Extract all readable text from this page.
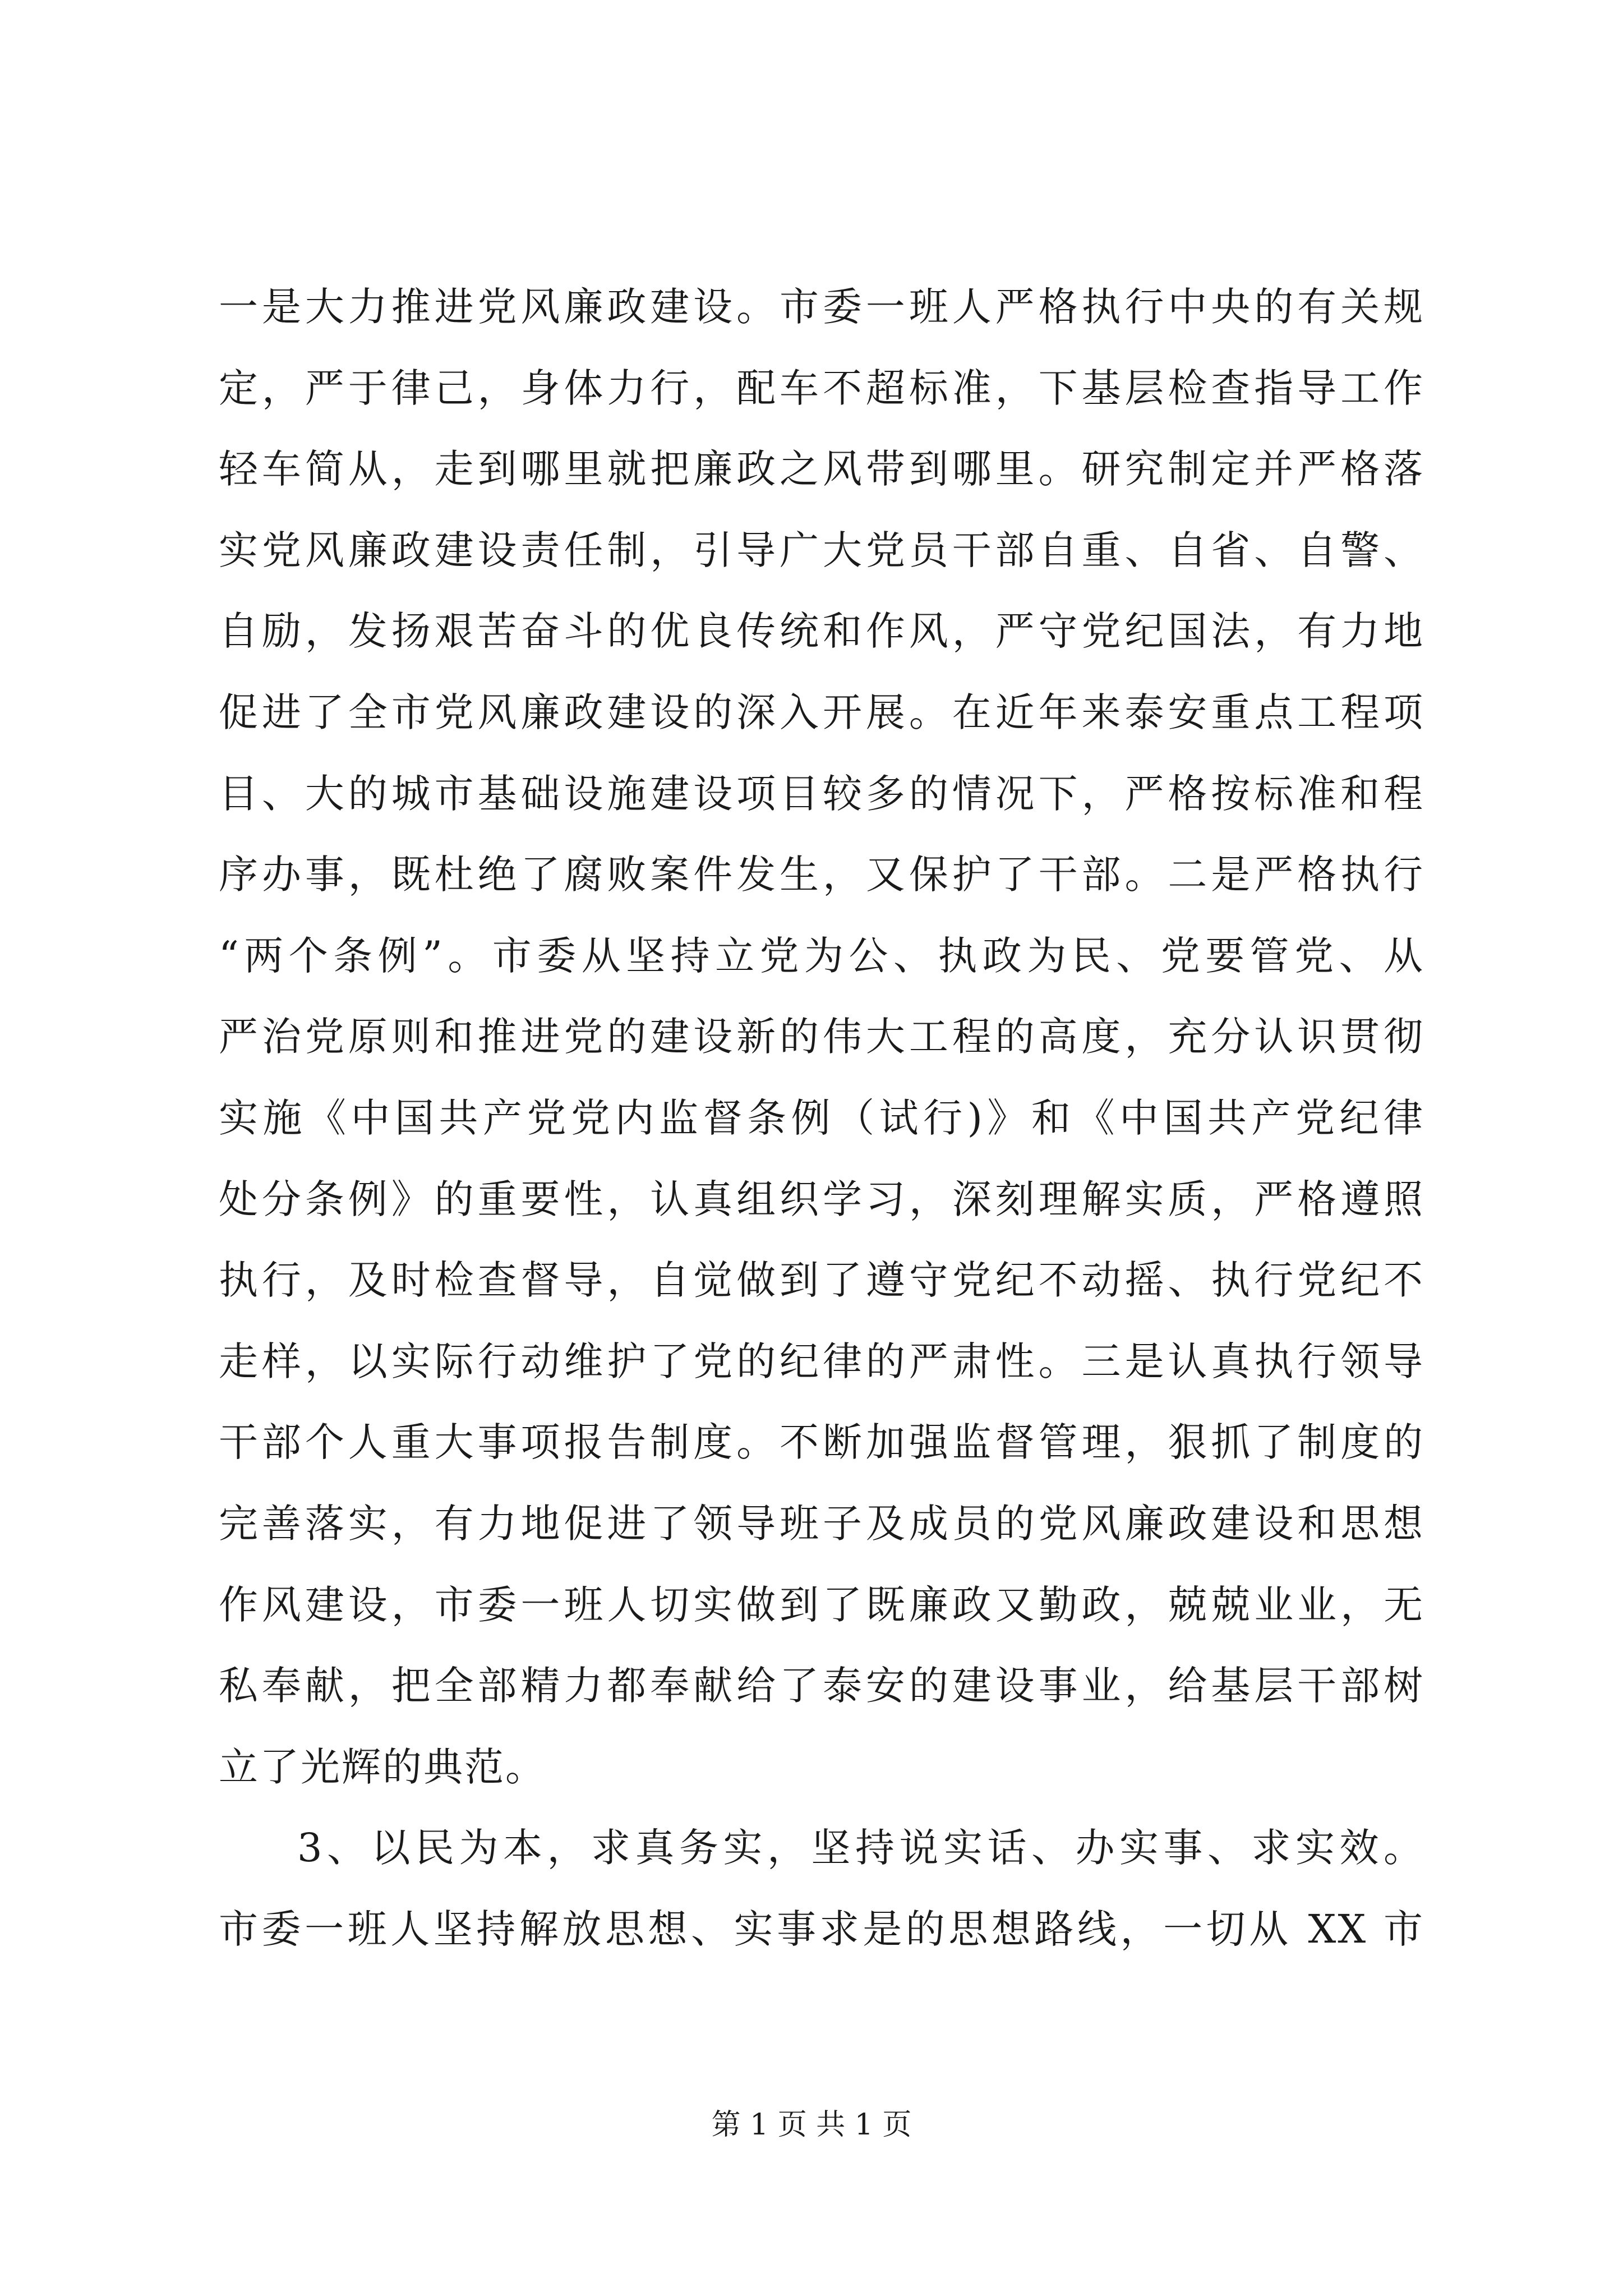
一是大力推进党风廉政建设。市委一班人严格执行中央的有关规
定，严于律己，身体力行，配车不超标准，下基层检查指导工作
轻车简从，走到哪里就把廉政之风带到哪里。研究制定并严格落
实党风廉政建设责任制，引导广大党员干部自重、自省、自警、
自励，发扬艰苦奋斗的优良传统和作风，严守党纪国法，有力地
促进了全市党风廉政建设的深入开展。在近年来泰安重点工程项
目、大的城市基础设施建设项目较多的情况下，严格按标准和程
序办事，既杜绝了腐败案件发生，又保护了干部。二是严格执行
“两个条例”。市委从坚持立党为公、执政为民、党要管党、从
严治党原则和推进党的建设新的伟大工程的高度，充分认识贯彻
实施《中国共产党党内监督条例（试行)》和《中国共产党纪律
处分条例》的重要性，认真组织学习，深刻理解实质，严格遵照
执行，及时检查督导，自觉做到了遵守党纪不动摇、执行党纪不
走样，以实际行动维护了党的纪律的严肃性。三是认真执行领导
干部个人重大事项报告制度。不断加强监督管理，狠抓了制度的
完善落实，有力地促进了领导班子及成员的党风廉政建设和思想
作风建设，市委一班人切实做到了既廉政又勤政，兢兢业业，无
私奉献，把全部精力都奉献给了泰安的建设事业，给基层干部树
立了光辉的典范。
3、以民为本，求真务实，坚持说实话、办实事、求实效。
市委一班人坚持解放思想、实事求是的思想路线，一切从 XX 市
第 1 页 共 1 页
